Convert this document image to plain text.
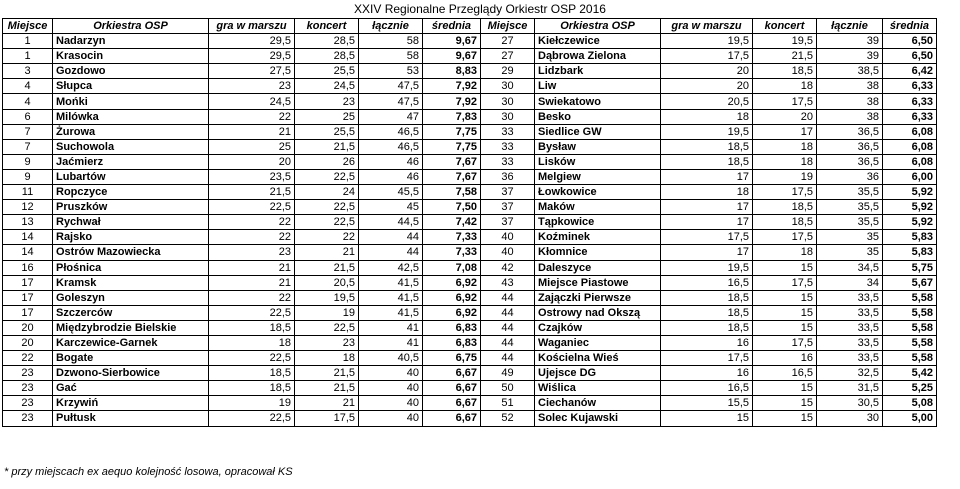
XXIV Regionalne Przeglądy Orkiestr OSP 2016
Miejsce	Orkiestra OSP	gra w marszu	koncert	łącznie	średnia	Miejsce	Orkiestra OSP	gra w marszu	koncert	łącznie	średnia
1	Nadarzyn	29,5	28,5	58	9,67	27	Kiełczewice	19,5	19,5	39	6,50
1	Krasocin	29,5	28,5	58	9,67	27	Dąbrowa Zielona	17,5	21,5	39	6,50
3	Gozdowo	27,5	25,5	53	8,83	29	Lidzbark	20	18,5	38,5	6,42
4	Słupca	23	24,5	47,5	7,92	30	Liw	20	18	38	6,33
4	Mońki	24,5	23	47,5	7,92	30	Swiekatowo	20,5	17,5	38	6,33
6	Milówka	22	25	47	7,83	30	Besko	18	20	38	6,33
7	Żurowa	21	25,5	46,5	7,75	33	Siedlice GW	19,5	17	36,5	6,08
7	Suchowola	25	21,5	46,5	7,75	33	Bysław	18,5	18	36,5	6,08
9	Jaćmierz	20	26	46	7,67	33	Lisków	18,5	18	36,5	6,08
9	Lubartów	23,5	22,5	46	7,67	36	Melgiew	17	19	36	6,00
11	Ropczyce	21,5	24	45,5	7,58	37	Łowkowice	18	17,5	35,5	5,92
12	Pruszków	22,5	22,5	45	7,50	37	Maków	17	18,5	35,5	5,92
13	Rychwał	22	22,5	44,5	7,42	37	Tąpkowice	17	18,5	35,5	5,92
14	Rajsko	22	22	44	7,33	40	Koźminek	17,5	17,5	35	5,83
14	Ostrów Mazowiecka	23	21	44	7,33	40	Kłomnice	17	18	35	5,83
16	Płośnica	21	21,5	42,5	7,08	42	Daleszyce	19,5	15	34,5	5,75
17	Kramsk	21	20,5	41,5	6,92	43	Miejsce Piastowe	16,5	17,5	34	5,67
17	Goleszyn	22	19,5	41,5	6,92	44	Zajączki Pierwsze	18,5	15	33,5	5,58
17	Szczerców	22,5	19	41,5	6,92	44	Ostrowy nad Okszą	18,5	15	33,5	5,58
20	Międzybrodzie Bielskie	18,5	22,5	41	6,83	44	Czajków	18,5	15	33,5	5,58
20	Karczewice-Garnek	18	23	41	6,83	44	Waganiec	16	17,5	33,5	5,58
22	Bogate	22,5	18	40,5	6,75	44	Kościelna Wieś	17,5	16	33,5	5,58
23	Dzwono-Sierbowice	18,5	21,5	40	6,67	49	Ujejsce DG	16	16,5	32,5	5,42
23	Gać	18,5	21,5	40	6,67	50	Wiślica	16,5	15	31,5	5,25
23	Krzywiń	19	21	40	6,67	51	Ciechanów	15,5	15	30,5	5,08
23	Pułtusk	22,5	17,5	40	6,67	52	Solec Kujawski	15	15	30	5,00
* przy miejscach ex aequo kolejność losowa, opracował KS
